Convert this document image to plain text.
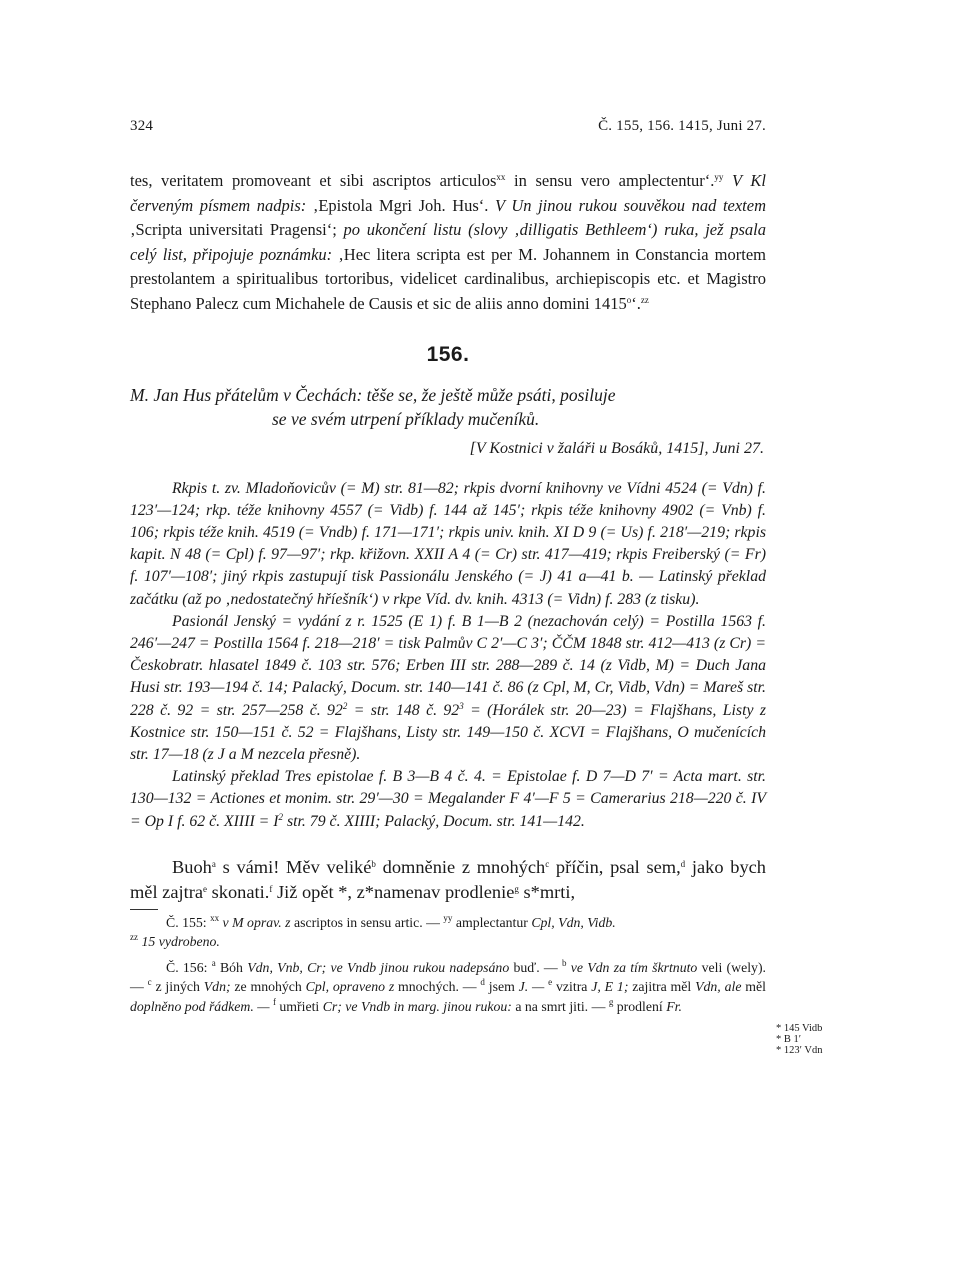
324	Č. 155, 156. 1415, Juni 27.

tes, veritatem promoveant et sibi ascriptos articulos$^{xx}$ in sensu vero amplectentur‘.$^{yy}$ V Kl červeným písmem nadpis: ‚Epistola Mgri Joh. Hus‘. V Un jinou rukou souvěkou nad textem ‚Scripta universitati Pragensi‘; po ukončení listu (slovy ‚dilligatis Bethleem‘) ruka, jež psala celý list, připojuje poznámku: ‚Hec litera scripta est per M. Johannem in Constancia mortem prestolantem a spiritualibus tortoribus, videlicet cardinalibus, archiepiscopis etc. et Magistro Stephano Palecz cum Michahele de Causis et sic de aliis anno domini 1415$^o$‘.$^{zz}$

156.

M. Jan Hus přátelům v Čechách: těše se, že ještě může psáti, posiluje
se ve svém utrpení příklady mučeníků.

[V Kostnici v žaláři u Bosáků, 1415], Juni 27.

Rkpis t. zv. Mladoňovicův (= M) str. 81—82; rkpis dvorní knihovny ve Vídni 4524 (= Vdn) f. 123′—124; rkp. téže knihovny 4557 (= Vidb) f. 144 až 145′; rkpis téže knihovny 4902 (= Vnb) f. 106; rkpis téže knih. 4519 (= Vndb) f. 171—171′; rkpis univ. knih. XI D 9 (= Us) f. 218′—219; rkpis kapit. N 48 (= Cpl) f. 97—97′; rkp. křižovn. XXII A 4 (= Cr) str. 417—419; rkpis Freiberský (= Fr) f. 107′—108′; jiný rkpis zastupují tisk Passionálu Jenského (= J) 41 a—41 b. — Latinský překlad začátku (až po ‚nedostatečný hříešník‘) v rkpe Víd. dv. knih. 4313 (= Vidn) f. 283 (z tisku).

Pasionál Jenský = vydání z r. 1525 (E 1) f. B 1—B 2 (nezachován celý) = Postilla 1563 f. 246′—247 = Postilla 1564 f. 218—218′ = tisk Palmův C 2′—C 3′; ČČM 1848 str. 412—413 (z Cr) = Českobratr. hlasatel 1849 č. 103 str. 576; Erben III str. 288—289 č. 14 (z Vidb, M) = Duch Jana Husi str. 193—194 č. 14; Palacký, Docum. str. 140—141 č. 86 (z Cpl, M, Cr, Vidb, Vdn) = Mareš str. 228 č. 92 = str. 257—258 č. $92^2$ = str. 148 č. $92^3$ = (Horálek str. 20—23) = Flajšhans, Listy z Kostnice str. 150—151 č. 52 = Flajšhans, Listy str. 149—150 č. XCVI = Flajšhans, O mučenících str. 17—18 (z J a M nezcela přesně).

Latinský překlad Tres epistolae f. B 3—B 4 č. 4. = Epistolae f. D 7—D 7′ = Acta mart. str. 130—132 = Actiones et monim. str. 29′—30 = Megalander F 4′—F 5 = Camerarius 218—220 č. IV = Op I f. 62 č. XIIII = $I^2$ str. 79 č. XIIII; Palacký, Docum. str. 141—142.

Buoh$^a$ s vámi! Měv veliké$^b$ domněnie z mnohých$^c$ příčin, psal sem,$^d$ jako bych měl zajtra$^e$ skonati.$^f$ Již opět *, z*namenav prodlenie$^g$ s*mrti,

Č. 155: $^{xx}$ v M oprav. z ascriptos in sensu artic. — $^{yy}$ amplectantur Cpl, Vdn, Vidb.
$^{zz}$ 15 vydrobeno.

Č. 156: $^a$ Bóh Vdn, Vnb, Cr; ve Vndb jinou rukou nadepsáno buď. — $^b$ ve Vdn za tím škrtnuto veli (wely). — $^c$ z jiných Vdn; ze mnohých Cpl, opraveno z mnochých. — $^d$ jsem J. — $^e$ vzitra J, E 1; zajitra měl Vdn, ale měl doplněno pod řádkem. — $^f$ umřieti Cr; ve Vndb in marg. jinou rukou: a na smrt jiti. — $^g$ prodlení Fr.

* 145 Vidb
* B 1′
* 123′ Vdn
